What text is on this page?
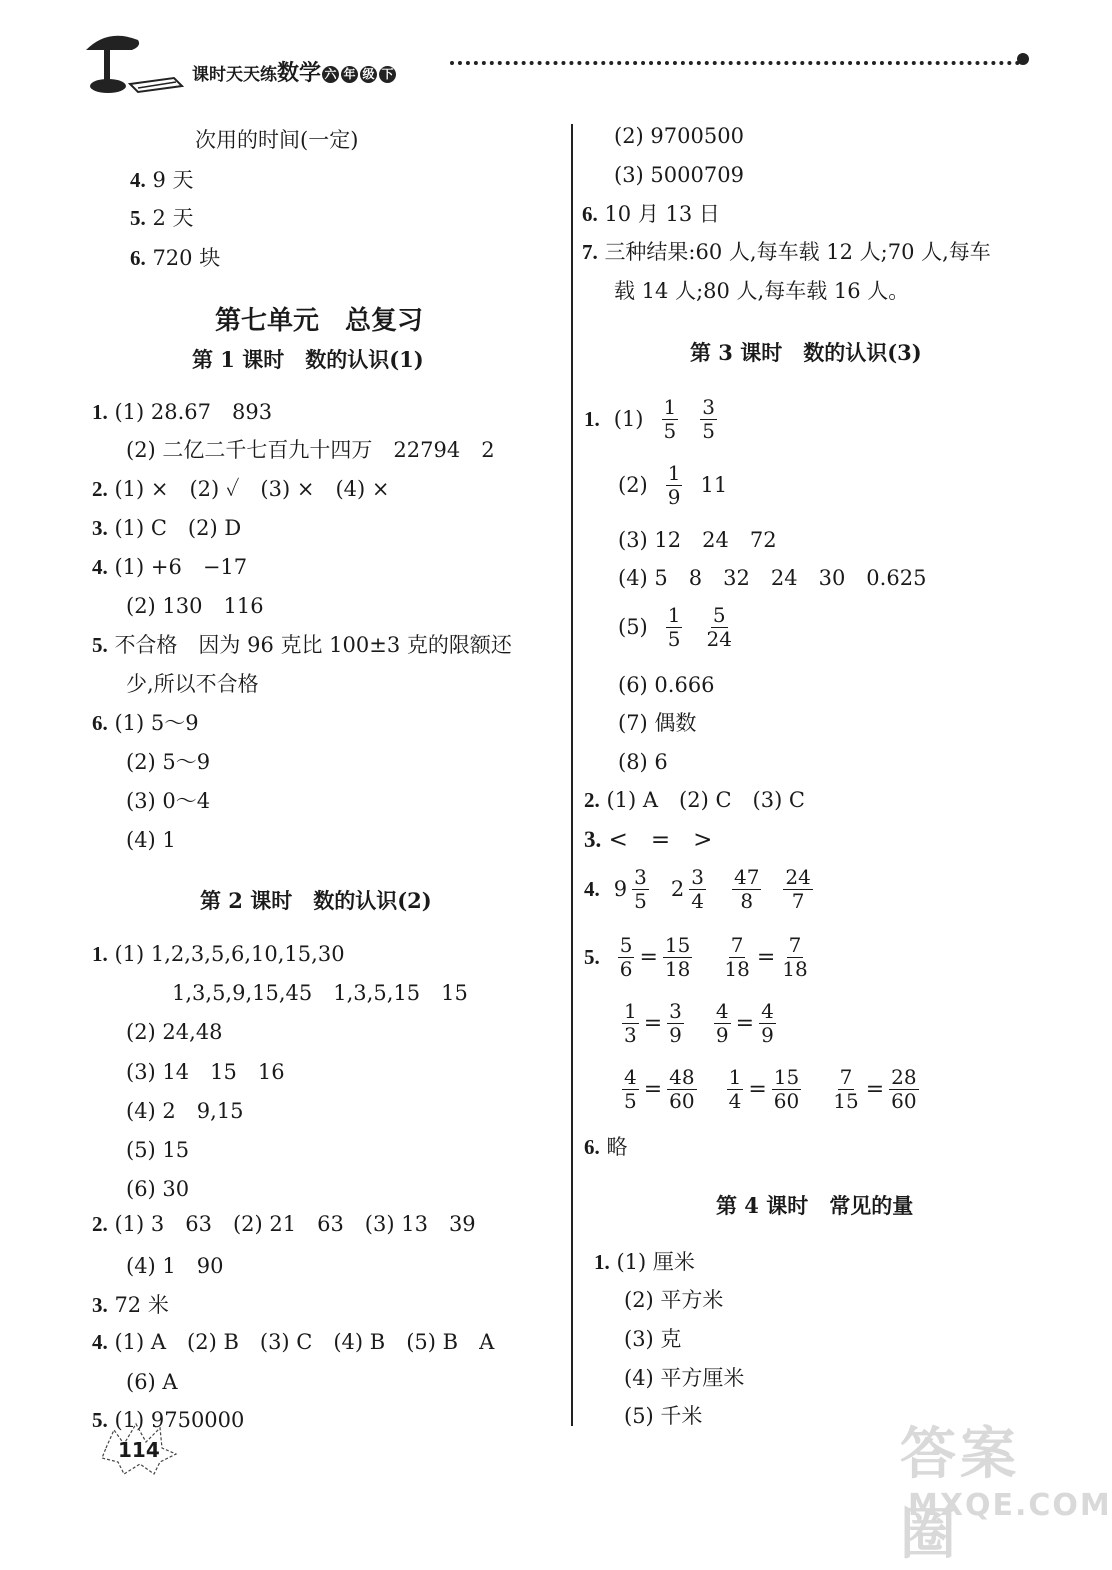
课时天天练数学 六 年 级 下
次用的时间(一定)
4. 9 天
5. 2 天
6. 720 块
第七单元　总复习
第 1 课时　数的认识(1)
1. (1) 28.67　893
(2) 二亿二千七百九十四万　22794　2
2. (1) ×　(2) ✓　(3) ×　(4) ×
3. (1) C　(2) D
4. (1) +6　−17
(2) 130　116
5. 不合格　因为 96 克比 100±3 克的限额还
少,所以不合格
6. (1) 5～9
(2) 5～9
(3) 0～4
(4) 1
第 2 课时　数的认识(2)
1. (1) 1,2,3,5,6,10,15,30
1,3,5,9,15,45　1,3,5,15　15
(2) 24,48
(3) 14　15　16
(4) 2　9,15
(5) 15
(6) 30
2. (1) 3　63　(2) 21　63　(3) 13　39
(4) 1　90
3. 72 米
4. (1) A　(2) B　(3) C　(4) B　(5) B　A
(6) A
5. (1) 9750000
114
(2) 9700500
(3) 5000709
6. 10 月 13 日
7. 三种结果:60 人,每车载 12 人;70 人,每车
载 14 人;80 人,每车载 16 人。
第 3 课时　数的认识(3)
1. $(1) \frac{1}{5} \frac{3}{5}$
$(2) \frac{1}{9} 11$
(3) 12　24　72
(4) 5　8　32　24　30　0.625
$(5) \frac{1}{5} \frac{5}{24}$
(6) 0.666
(7) 偶数
(8) 6
2. (1) A　(2) C　(3) C
3. <　=　>
4. $9 \frac{3}{5} 2 \frac{3}{4} \frac{47}{8} \frac{24}{7}$
5. $\frac{5}{6} = \frac{15}{18} \frac{7}{18} = \frac{7}{18}$
$\frac{1}{3} = \frac{3}{9} \frac{4}{9} = \frac{4}{9}$
$\frac{4}{5} = \frac{48}{60} \frac{1}{4} = \frac{15}{60} \frac{7}{15} = \frac{28}{60}$
6. 略
第 4 课时　常见的量
1. (1) 厘米
(2) 平方米
(3) 克
(4) 平方厘米
(5) 千米
答案圈
MXQE.COM
